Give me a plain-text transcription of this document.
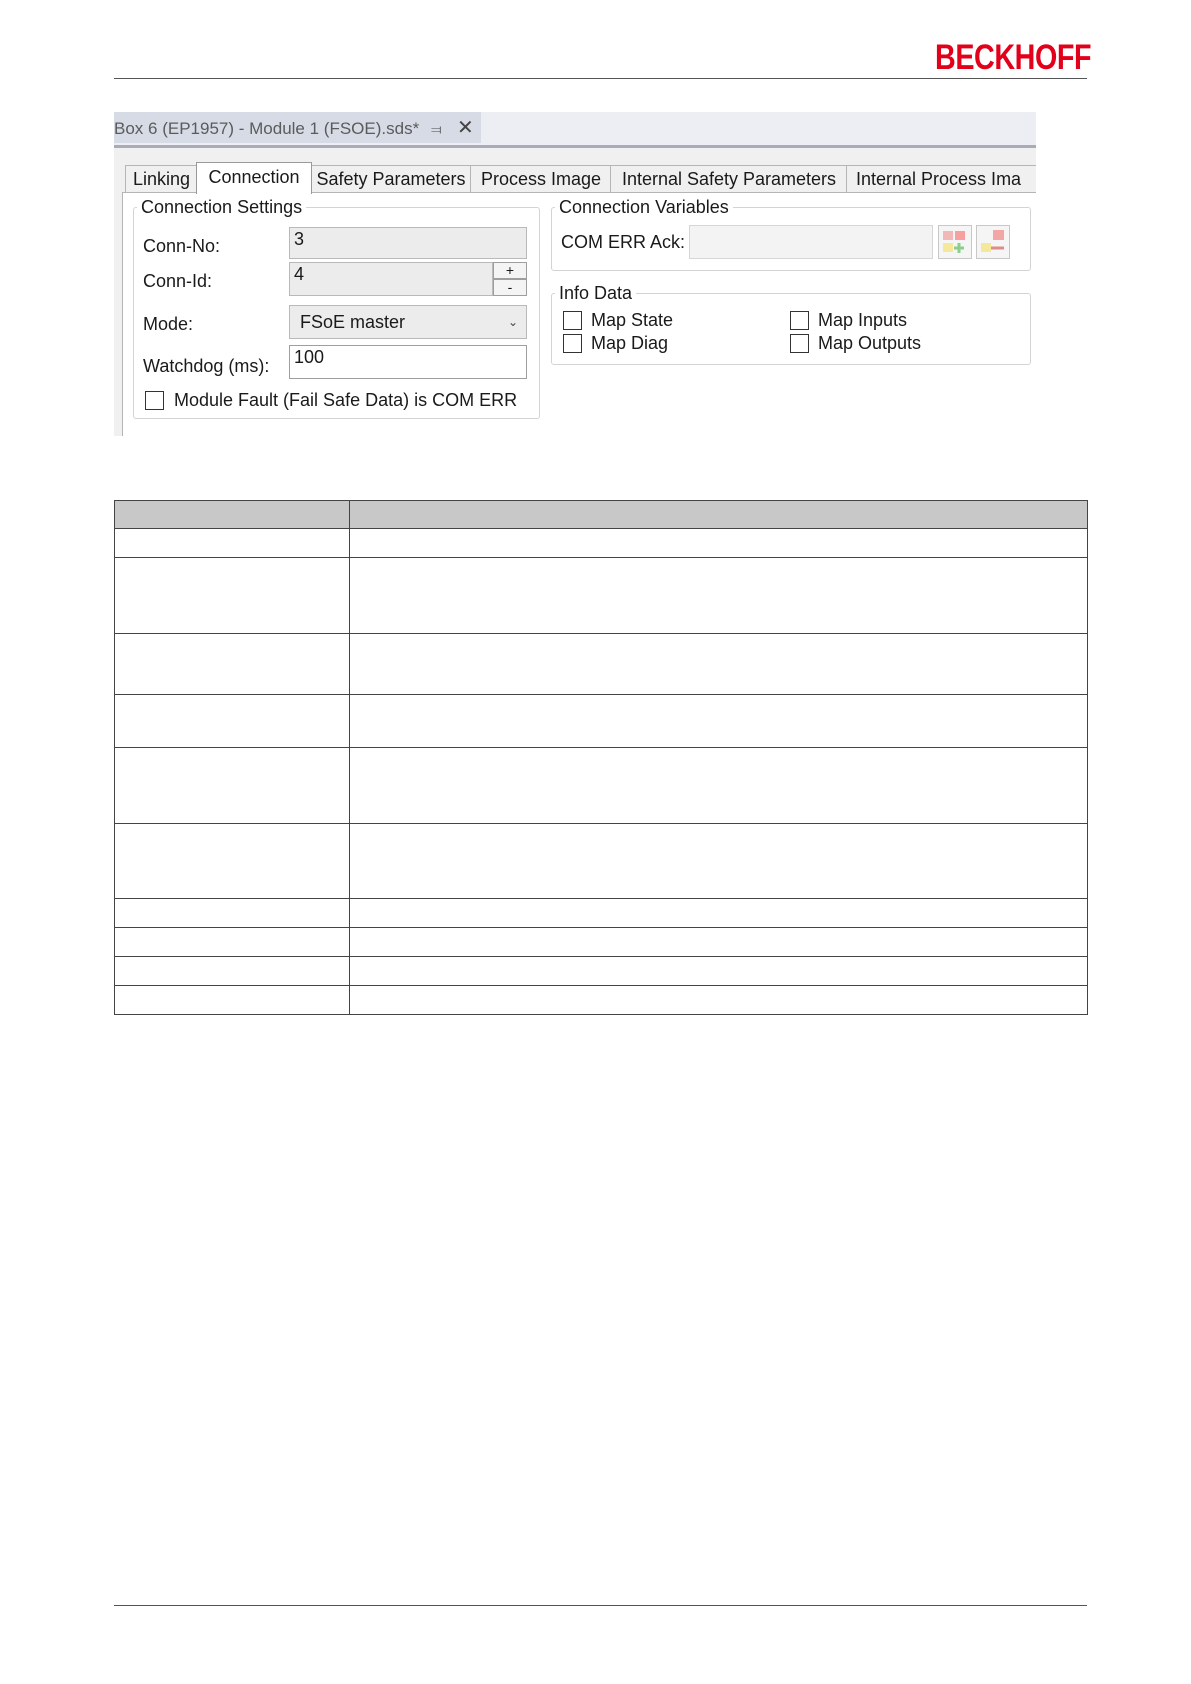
BECKHOFF
Box 6 (EP1957) - Module 1 (FSOE).sds* ⫤ ✕
Linking	Connection Safety Parameters Process Image	Internal Safety Parameters	Internal Process Ima
Connection Settings
Conn-No:	3
Conn-Id:	4	+
-
Mode:	FSoE master	⌄
Watchdog (ms): 100
Module Fault (Fail Safe Data) is COM ERR
Connection Variables
COM ERR Ack:
Info Data
Map State
Map Diag
Map Inputs
Map Outputs
